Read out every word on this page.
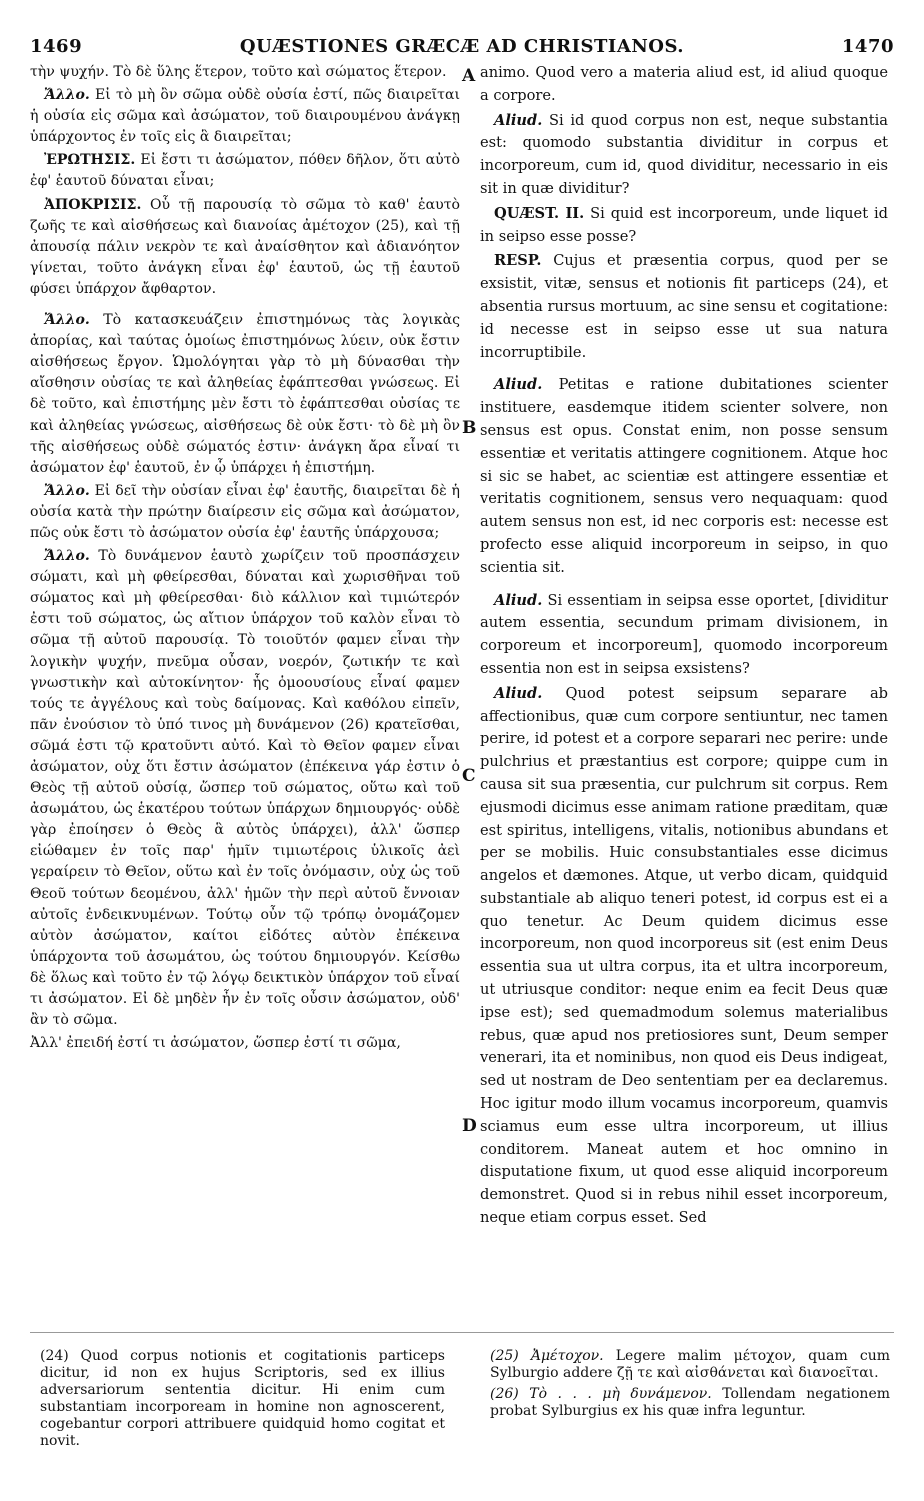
1469	QUÆSTIONES GRÆCÆ AD CHRISTIANOS.	1470

τὴν ψυχήν. Τὸ δὲ ὕλης ἕτερον, τοῦτο καὶ σώματος ἕτερον.

Ἄλλο. Εἰ τὸ μὴ ὂν σῶμα οὐδὲ οὐσία ἐστί, πῶς διαιρεῖται ἡ οὐσία εἰς σῶμα καὶ ἀσώματον, τοῦ διαιρουμένου ἀνάγκῃ ὑπάρχοντος ἐν τοῖς εἰς ἃ διαιρεῖται;

ἘΡΩΤΗΣΙΣ. Εἰ ἔστι τι ἀσώματον, πόθεν δῆλον, ὅτι αὐτὸ ἐφ' ἑαυτοῦ δύναται εἶναι;

ἈΠΟΚΡΙΣΙΣ. Οὗ τῇ παρουσίᾳ τὸ σῶμα τὸ καθ' ἑαυτὸ ζωῆς τε καὶ αἰσθήσεως καὶ διανοίας ἀμέτοχον (25), καὶ τῇ ἀπουσίᾳ πάλιν νεκρὸν τε καὶ ἀναίσθητον καὶ ἀδιανόητον γίνεται, τοῦτο ἀνάγκη εἶναι ἐφ' ἑαυτοῦ, ὡς τῇ ἑαυτοῦ φύσει ὑπάρχον ἄφθαρτον.

Ἄλλο. Τὸ κατασκευάζειν ἐπιστημόνως τὰς λογικὰς ἀπορίας, καὶ ταύτας ὁμοίως ἐπιστημόνως λύειν, οὐκ ἔστιν αἰσθήσεως ἔργον. Ὡμολόγηται γὰρ τὸ μὴ δύνασθαι τὴν αἴσθησιν οὐσίας τε καὶ ἀληθείας ἐφάπτεσθαι γνώσεως. Εἰ δὲ τοῦτο, καὶ ἐπιστήμης μὲν ἔστι τὸ ἐφάπτεσθαι οὐσίας τε καὶ ἀληθείας γνώσεως, αἰσθήσεως δὲ οὐκ ἔστι· τὸ δὲ μὴ ὂν τῆς αἰσθήσεως οὐδὲ σώματός ἐστιν· ἀνάγκη ἄρα εἶναί τι ἀσώματον ἐφ' ἑαυτοῦ, ἐν ᾧ ὑπάρχει ἡ ἐπιστήμη.

Ἄλλο. Εἰ δεῖ τὴν οὐσίαν εἶναι ἐφ' ἑαυτῆς, διαιρεῖται δὲ ἡ οὐσία κατὰ τὴν πρώτην διαίρεσιν εἰς σῶμα καὶ ἀσώματον, πῶς οὐκ ἔστι τὸ ἀσώματον οὐσία ἐφ' ἑαυτῆς ὑπάρχουσα;

Ἄλλο. Τὸ δυνάμενον ἑαυτὸ χωρίζειν τοῦ προσπάσχειν σώματι, καὶ μὴ φθείρεσθαι, δύναται καὶ χωρισθῆναι τοῦ σώματος καὶ μὴ φθείρεσθαι· διὸ κάλλιον καὶ τιμιώτερόν ἐστι τοῦ σώματος, ὡς αἴτιον ὑπάρχον τοῦ καλὸν εἶναι τὸ σῶμα τῇ αὐτοῦ παρουσίᾳ. Τὸ τοιοῦτόν φαμεν εἶναι τὴν λογικὴν ψυχήν, πνεῦμα οὖσαν, νοερόν, ζωτικήν τε καὶ γνωστικὴν καὶ αὐτοκίνητον· ἧς ὁμοουσίους εἶναί φαμεν τούς τε ἀγγέλους καὶ τοὺς δαίμονας. Καὶ καθόλου εἰπεῖν, πᾶν ἐνούσιον τὸ ὑπό τινος μὴ δυνάμενον (26) κρατεῖσθαι, σῶμά ἐστι τῷ κρατοῦντι αὐτό. Καὶ τὸ Θεῖον φαμεν εἶναι ἀσώματον, οὐχ ὅτι ἔστιν ἀσώματον (ἐπέκεινα γάρ ἐστιν ὁ Θεὸς τῇ αὐτοῦ οὐσίᾳ, ὥσπερ τοῦ σώματος, οὕτω καὶ τοῦ ἀσωμάτου, ὡς ἑκατέρου τούτων ὑπάρχων δημιουργός· οὐδὲ γὰρ ἐποίησεν ὁ Θεὸς ἃ αὐτὸς ὑπάρχει), ἀλλ' ὥσπερ εἰώθαμεν ἐν τοῖς παρ' ἡμῖν τιμιωτέροις ὑλικοῖς ἀεὶ γεραίρειν τὸ Θεῖον, οὕτω καὶ ἐν τοῖς ὀνόμασιν, οὐχ ὡς τοῦ Θεοῦ τούτων δεομένου, ἀλλ' ἡμῶν τὴν περὶ αὐτοῦ ἔννοιαν αὐτοῖς ἐνδεικνυμένων. Τούτῳ οὖν τῷ τρόπῳ ὀνομάζομεν αὐτὸν ἀσώματον, καίτοι εἰδότες αὐτὸν ἐπέκεινα ὑπάρχοντα τοῦ ἀσωμάτου, ὡς τούτου δημιουργόν. Κείσθω δὲ ὅλως καὶ τοῦτο ἐν τῷ λόγῳ δεικτικὸν ὑπάρχον τοῦ εἶναί τι ἀσώματον. Εἰ δὲ μηδὲν ἦν ἐν τοῖς οὖσιν ἀσώματον, οὐδ' ἂν τὸ σῶμα.

Ἀλλ' ἐπειδή ἐστί τι ἀσώματον, ὥσπερ ἐστί τι σῶμα,

A
B
C
D

animo. Quod vero a materia aliud est, id aliud quoque a corpore.

Aliud. Si id quod corpus non est, neque substantia est: quomodo substantia dividitur in corpus et incorporeum, cum id, quod dividitur, necessario in eis sit in quæ dividitur?

QUÆST. II. Si quid est incorporeum, unde liquet id in seipso esse posse?

RESP. Cujus et præsentia corpus, quod per se exsistit, vitæ, sensus et notionis fit particeps (24), et absentia rursus mortuum, ac sine sensu et cogitatione: id necesse est in seipso esse ut sua natura incorruptibile.

Aliud. Petitas e ratione dubitationes scienter instituere, easdemque itidem scienter solvere, non sensus est opus. Constat enim, non posse sensum essentiæ et veritatis attingere cognitionem. Atque hoc si sic se habet, ac scientiæ est attingere essentiæ et veritatis cognitionem, sensus vero nequaquam: quod autem sensus non est, id nec corporis est: necesse est profecto esse aliquid incorporeum in seipso, in quo scientia sit.

Aliud. Si essentiam in seipsa esse oportet, [dividitur autem essentia, secundum primam divisionem, in corporeum et incorporeum], quomodo incorporeum essentia non est in seipsa exsistens?

Aliud. Quod potest seipsum separare ab affectionibus, quæ cum corpore sentiuntur, nec tamen perire, id potest et a corpore separari nec perire: unde pulchrius et præstantius est corpore; quippe cum in causa sit sua præsentia, cur pulchrum sit corpus. Rem ejusmodi dicimus esse animam ratione præditam, quæ est spiritus, intelligens, vitalis, notionibus abundans et per se mobilis. Huic consubstantiales esse dicimus angelos et dæmones. Atque, ut verbo dicam, quidquid substantiale ab aliquo teneri potest, id corpus est ei a quo tenetur. Ac Deum quidem dicimus esse incorporeum, non quod incorporeus sit (est enim Deus essentia sua ut ultra corpus, ita et ultra incorporeum, ut utriusque conditor: neque enim ea fecit Deus quæ ipse est); sed quemadmodum solemus materialibus rebus, quæ apud nos pretiosiores sunt, Deum semper venerari, ita et nominibus, non quod eis Deus indigeat, sed ut nostram de Deo sententiam per ea declaremus. Hoc igitur modo illum vocamus incorporeum, quamvis sciamus eum esse ultra incorporeum, ut illius conditorem. Maneat autem et hoc omnino in disputatione fixum, ut quod esse aliquid incorporeum demonstret. Quod si in rebus nihil esset incorporeum, neque etiam corpus esset. Sed

(24) Quod corpus notionis et cogitationis particeps dicitur, id non ex hujus Scriptoris, sed ex illius adversariorum sententia dicitur. Hi enim cum substantiam incorpoream in homine non agnoscerent, cogebantur corpori attribuere quidquid homo cogitat et novit.

(25) Ἀμέτοχον. Legere malim μέτοχον, quam cum Sylburgio addere ζῇ τε καὶ αἰσθάνεται καὶ διανοεῖται.

(26) Τὸ . . . μὴ δυνάμενον. Tollendam negationem probat Sylburgius ex his quæ infra leguntur.
